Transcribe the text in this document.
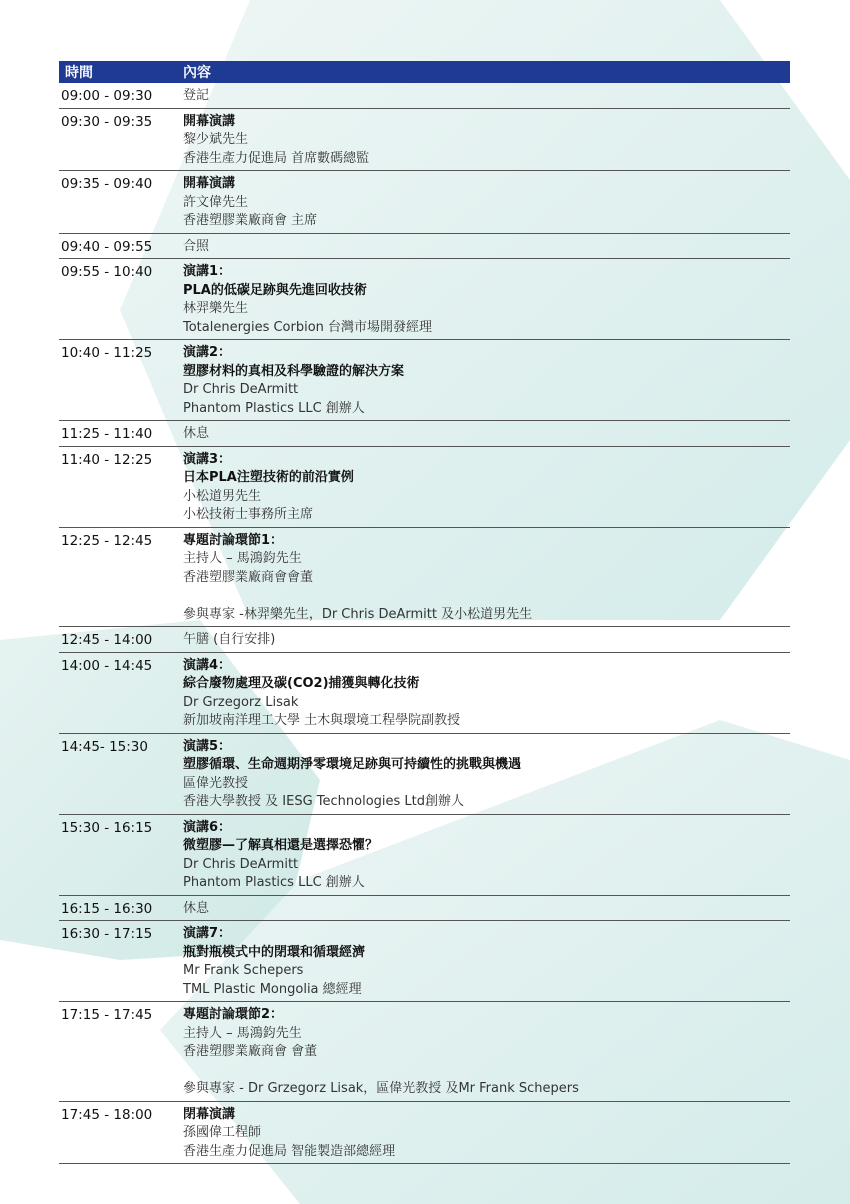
時間	內容
09:00 - 09:30	登記
09:30 - 09:35	開幕演講
黎少斌先生
香港生產力促進局 首席數碼總監
09:35 - 09:40	開幕演講
許文偉先生
香港塑膠業廠商會 主席
09:40 - 09:55	合照
09:55 - 10:40	演講1：
PLA的低碳足跡與先進回收技術
林羿樂先生
Totalenergies Corbion 台灣市場開發經理
10:40 - 11:25	演講2：
塑膠材料的真相及科學驗證的解決方案
Dr Chris DeArmitt
Phantom Plastics LLC 創辦人
11:25 - 11:40	休息
11:40 - 12:25	演講3：
日本PLA注塑技術的前沿實例
小松道男先生
小松技術士事務所主席
12:25 - 12:45	專題討論環節1：
主持人 – 馬鴻鈞先生
香港塑膠業廠商會會董
參與專家 -林羿樂先生，Dr Chris DeArmitt 及小松道男先生
12:45 - 14:00	午膳 (自行安排)
14:00 - 14:45	演講4：
綜合廢物處理及碳(CO2)捕獲與轉化技術
Dr Grzegorz Lisak
新加坡南洋理工大學 土木與環境工程學院副教授
14:45- 15:30	演講5：
塑膠循環、生命週期淨零環境足跡與可持續性的挑戰與機遇
區偉光教授
香港大學教授 及 IESG Technologies Ltd創辦人
15:30 - 16:15	演講6：
微塑膠—了解真相還是選擇恐懼？
Dr Chris DeArmitt
Phantom Plastics LLC 創辦人
16:15 - 16:30	休息
16:30 - 17:15	演講7：
瓶對瓶模式中的閉環和循環經濟
Mr Frank Schepers
TML Plastic Mongolia 總經理
17:15 - 17:45	專題討論環節2：
主持人 – 馬鴻鈞先生
香港塑膠業廠商會 會董
參與專家 - Dr Grzegorz Lisak，區偉光教授 及Mr Frank Schepers
17:45 - 18:00	閉幕演講
孫國偉工程師
香港生產力促進局 智能製造部總經理
